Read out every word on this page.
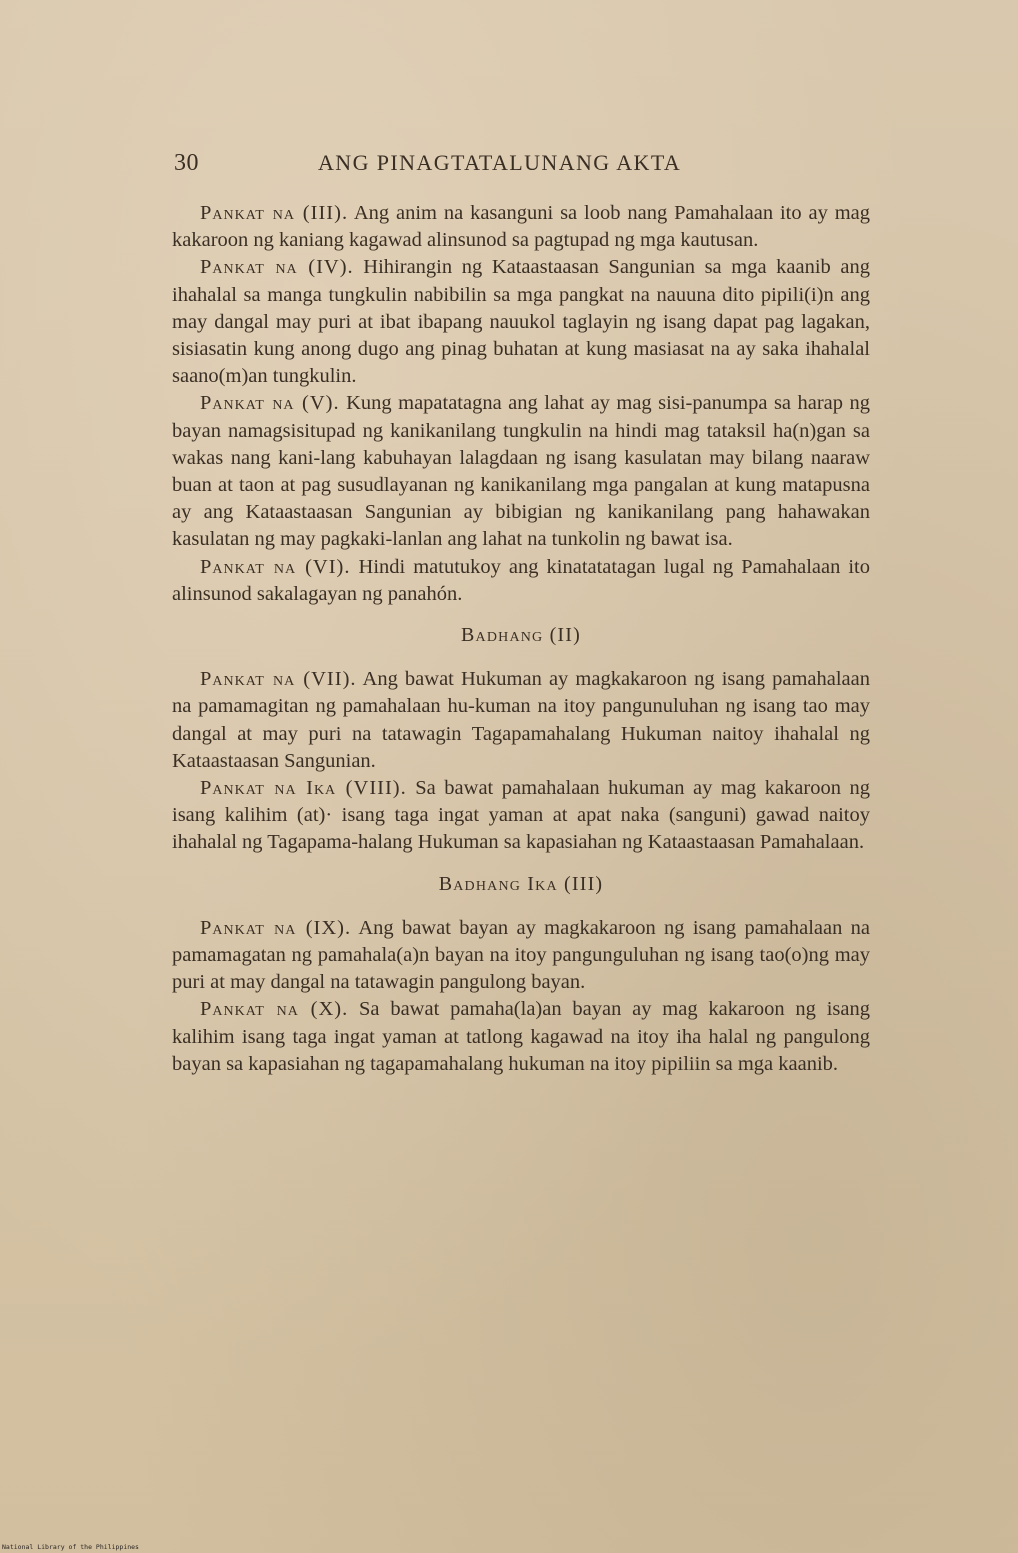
30	ANG PINAGTATALUNANG AKTA

Pankat na (III). Ang anim na kasanguni sa loob nang Pamahalaan ito ay mag kakaroon ng kaniang kagawad alinsunod sa pagtupad ng mga kautusan.

Pankat na (IV). Hihirangin ng Kataastaasan Sangunian sa mga kaanib ang ihahalal sa manga tungkulin nabibilin sa mga pangkat na nauuna dito pipili(i)n ang may dangal may puri at ibat ibapang nauukol taglayin ng isang dapat pag lagakan, sisiasatin kung anong dugo ang pinag buhatan at kung masiasat na ay saka ihahalal saano(m)an tungkulin.

Pankat na (V). Kung mapatatagna ang lahat ay mag sisi-panumpa sa harap ng bayan namagsisitupad ng kanikanilang tungkulin na hindi mag tataksil ha(n)gan sa wakas nang kani-lang kabuhayan lalagdaan ng isang kasulatan may bilang naaraw buan at taon at pag susudlayanan ng kanikanilang mga pangalan at kung matapusna ay ang Kataastaasan Sangunian ay bibigian ng kanikanilang pang hahawakan kasulatan ng may pagkaki-lanlan ang lahat na tunkolin ng bawat isa.

Pankat na (VI). Hindi matutukoy ang kinatatatagan lugal ng Pamahalaan ito alinsunod sakalagayan ng panahón.

Badhang (II)

Pankat na (VII). Ang bawat Hukuman ay magkakaroon ng isang pamahalaan na pamamagitan ng pamahalaan hu-kuman na itoy pangunuluhan ng isang tao may dangal at may puri na tatawagin Tagapamahalang Hukuman naitoy ihahalal ng Kataastaasan Sangunian.

Pankat na Ika (VIII). Sa bawat pamahalaan hukuman ay mag kakaroon ng isang kalihim (at)· isang taga ingat yaman at apat naka (sanguni) gawad naitoy ihahalal ng Tagapama-halang Hukuman sa kapasiahan ng Kataastaasan Pamahalaan.

Badhang Ika (III)

Pankat na (IX). Ang bawat bayan ay magkakaroon ng isang pamahalaan na pamamagatan ng pamahala(a)n bayan na itoy pangunguluhan ng isang tao(o)ng may puri at may dangal na tatawagin pangulong bayan.

Pankat na (X). Sa bawat pamaha(la)an bayan ay mag kakaroon ng isang kalihim isang taga ingat yaman at tatlong kagawad na itoy iha halal ng pangulong bayan sa kapasiahan ng tagapamahalang hukuman na itoy pipiliin sa mga kaanib.

National Library of the Philippines
